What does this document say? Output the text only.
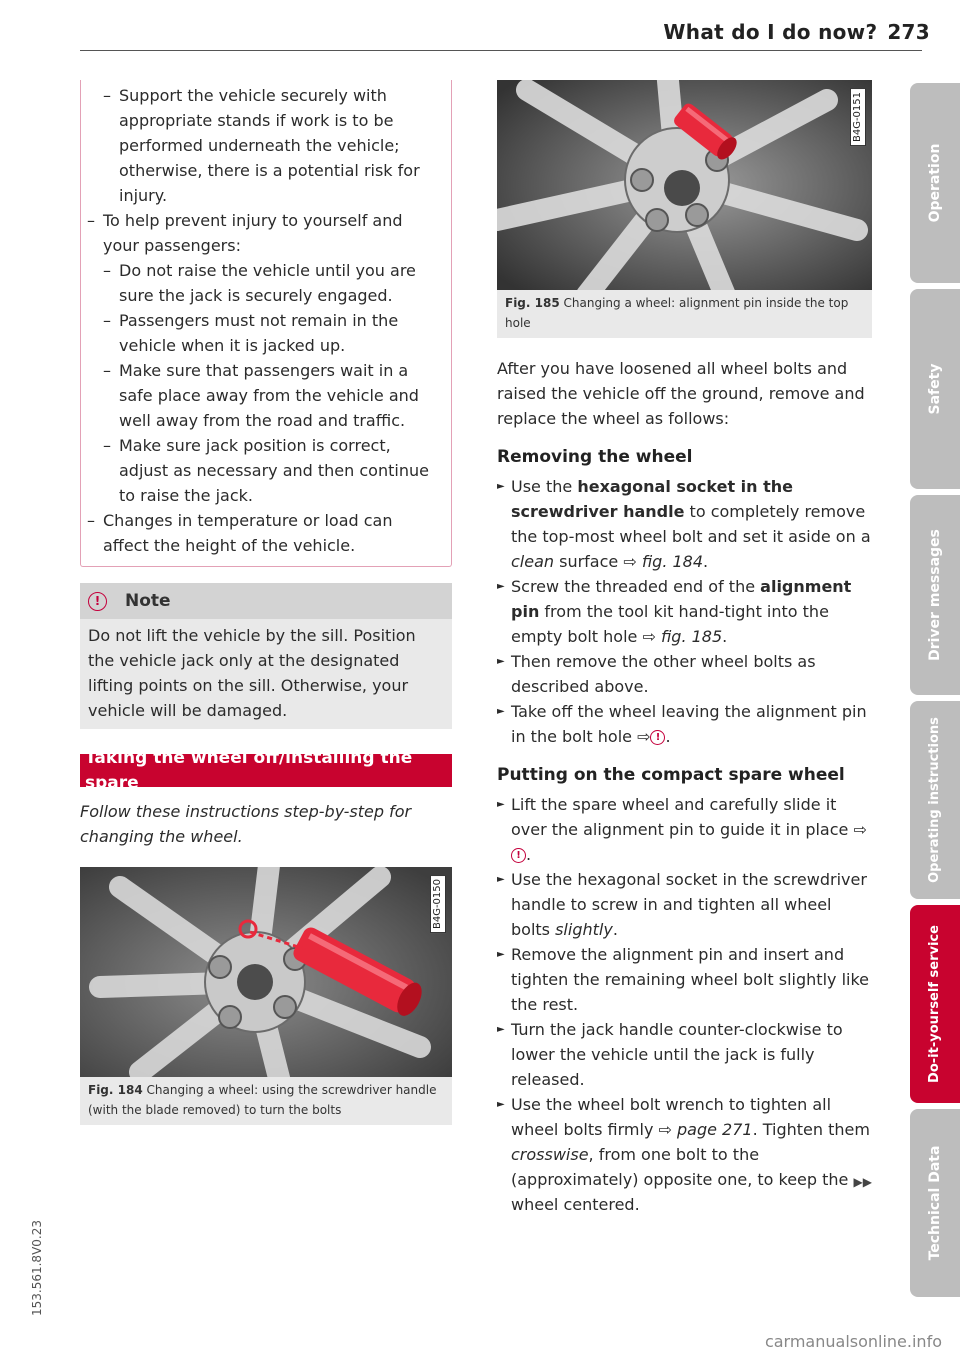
What do I do now? 273
– Support the vehicle securely with appropriate stands if work is to be performed underneath the vehicle; otherwise, there is a potential risk for injury.
– To help prevent injury to yourself and your passengers:
– Do not raise the vehicle until you are sure the jack is securely engaged.
– Passengers must not remain in the vehicle when it is jacked up.
– Make sure that passengers wait in a safe place away from the vehicle and well away from the road and traffic.
– Make sure jack position is correct, adjust as necessary and then continue to raise the jack.
– Changes in temperature or load can affect the height of the vehicle.
!	Note
Do not lift the vehicle by the sill. Position the vehicle jack only at the designated lifting points on the sill. Otherwise, your vehicle will be damaged.
Taking the wheel off/installing the spare
Follow these instructions step-by-step for changing the wheel.
B4G-0150
Fig. 184 Changing a wheel: using the screwdriver handle (with the blade removed) to turn the bolts
B4G-0151
Fig. 185 Changing a wheel: alignment pin inside the top hole
After you have loosened all wheel bolts and raised the vehicle off the ground, remove and replace the wheel as follows:
Removing the wheel
► Use the hexagonal socket in the screwdriver handle to completely remove the top-most wheel bolt and set it aside on a clean surface ⇨ fig. 184.
► Screw the threaded end of the alignment pin from the tool kit hand-tight into the empty bolt hole ⇨ fig. 185.
► Then remove the other wheel bolts as described above.
► Take off the wheel leaving the alignment pin in the bolt hole ⇨ ! .
Putting on the compact spare wheel
► Lift the spare wheel and carefully slide it over the alignment pin to guide it in place ⇨! .
► Use the hexagonal socket in the screwdriver handle to screw in and tighten all wheel bolts slightly.
► Remove the alignment pin and insert and tighten the remaining wheel bolt slightly like the rest.
► Turn the jack handle counter-clockwise to lower the vehicle until the jack is fully released.
► Use the wheel bolt wrench to tighten all wheel bolts firmly ⇨ page 271. Tighten them crosswise, from one bolt to the (approximately) opposite one, to keep the wheel centered.
▶▶
Operation
Safety
Driver messages
Operating instructions
Do-it-yourself service
Technical Data
153.561.8V0.23
carmanualsonline.info
